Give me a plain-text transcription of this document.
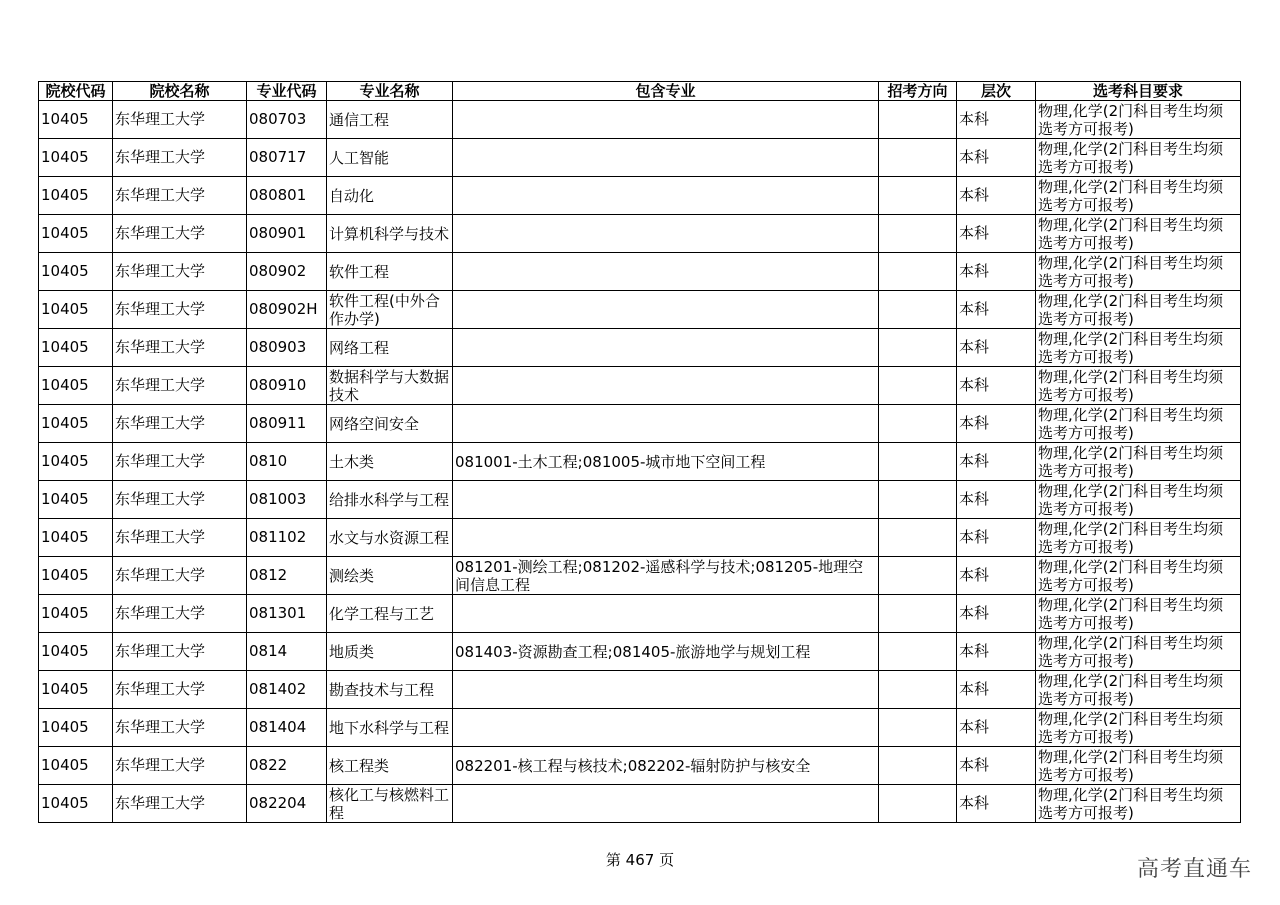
院校代码	院校名称	专业代码	专业名称	包含专业	招考方向	层次	选考科目要求
10405	东华理工大学	080703	通信工程			本科	物理,化学(2门科目考生均须选考方可报考)
10405	东华理工大学	080717	人工智能			本科	物理,化学(2门科目考生均须选考方可报考)
10405	东华理工大学	080801	自动化			本科	物理,化学(2门科目考生均须选考方可报考)
10405	东华理工大学	080901	计算机科学与技术			本科	物理,化学(2门科目考生均须选考方可报考)
10405	东华理工大学	080902	软件工程			本科	物理,化学(2门科目考生均须选考方可报考)
10405	东华理工大学	080902H	软件工程(中外合作办学)			本科	物理,化学(2门科目考生均须选考方可报考)
10405	东华理工大学	080903	网络工程			本科	物理,化学(2门科目考生均须选考方可报考)
10405	东华理工大学	080910	数据科学与大数据技术			本科	物理,化学(2门科目考生均须选考方可报考)
10405	东华理工大学	080911	网络空间安全			本科	物理,化学(2门科目考生均须选考方可报考)
10405	东华理工大学	0810	土木类	081001-土木工程;081005-城市地下空间工程		本科	物理,化学(2门科目考生均须选考方可报考)
10405	东华理工大学	081003	给排水科学与工程			本科	物理,化学(2门科目考生均须选考方可报考)
10405	东华理工大学	081102	水文与水资源工程			本科	物理,化学(2门科目考生均须选考方可报考)
10405	东华理工大学	0812	测绘类	081201-测绘工程;081202-遥感科学与技术;081205-地理空间信息工程		本科	物理,化学(2门科目考生均须选考方可报考)
10405	东华理工大学	081301	化学工程与工艺			本科	物理,化学(2门科目考生均须选考方可报考)
10405	东华理工大学	0814	地质类	081403-资源勘查工程;081405-旅游地学与规划工程		本科	物理,化学(2门科目考生均须选考方可报考)
10405	东华理工大学	081402	勘查技术与工程			本科	物理,化学(2门科目考生均须选考方可报考)
10405	东华理工大学	081404	地下水科学与工程			本科	物理,化学(2门科目考生均须选考方可报考)
10405	东华理工大学	0822	核工程类	082201-核工程与核技术;082202-辐射防护与核安全		本科	物理,化学(2门科目考生均须选考方可报考)
10405	东华理工大学	082204	核化工与核燃料工程			本科	物理,化学(2门科目考生均须选考方可报考)
第 467 页	高考直通车
